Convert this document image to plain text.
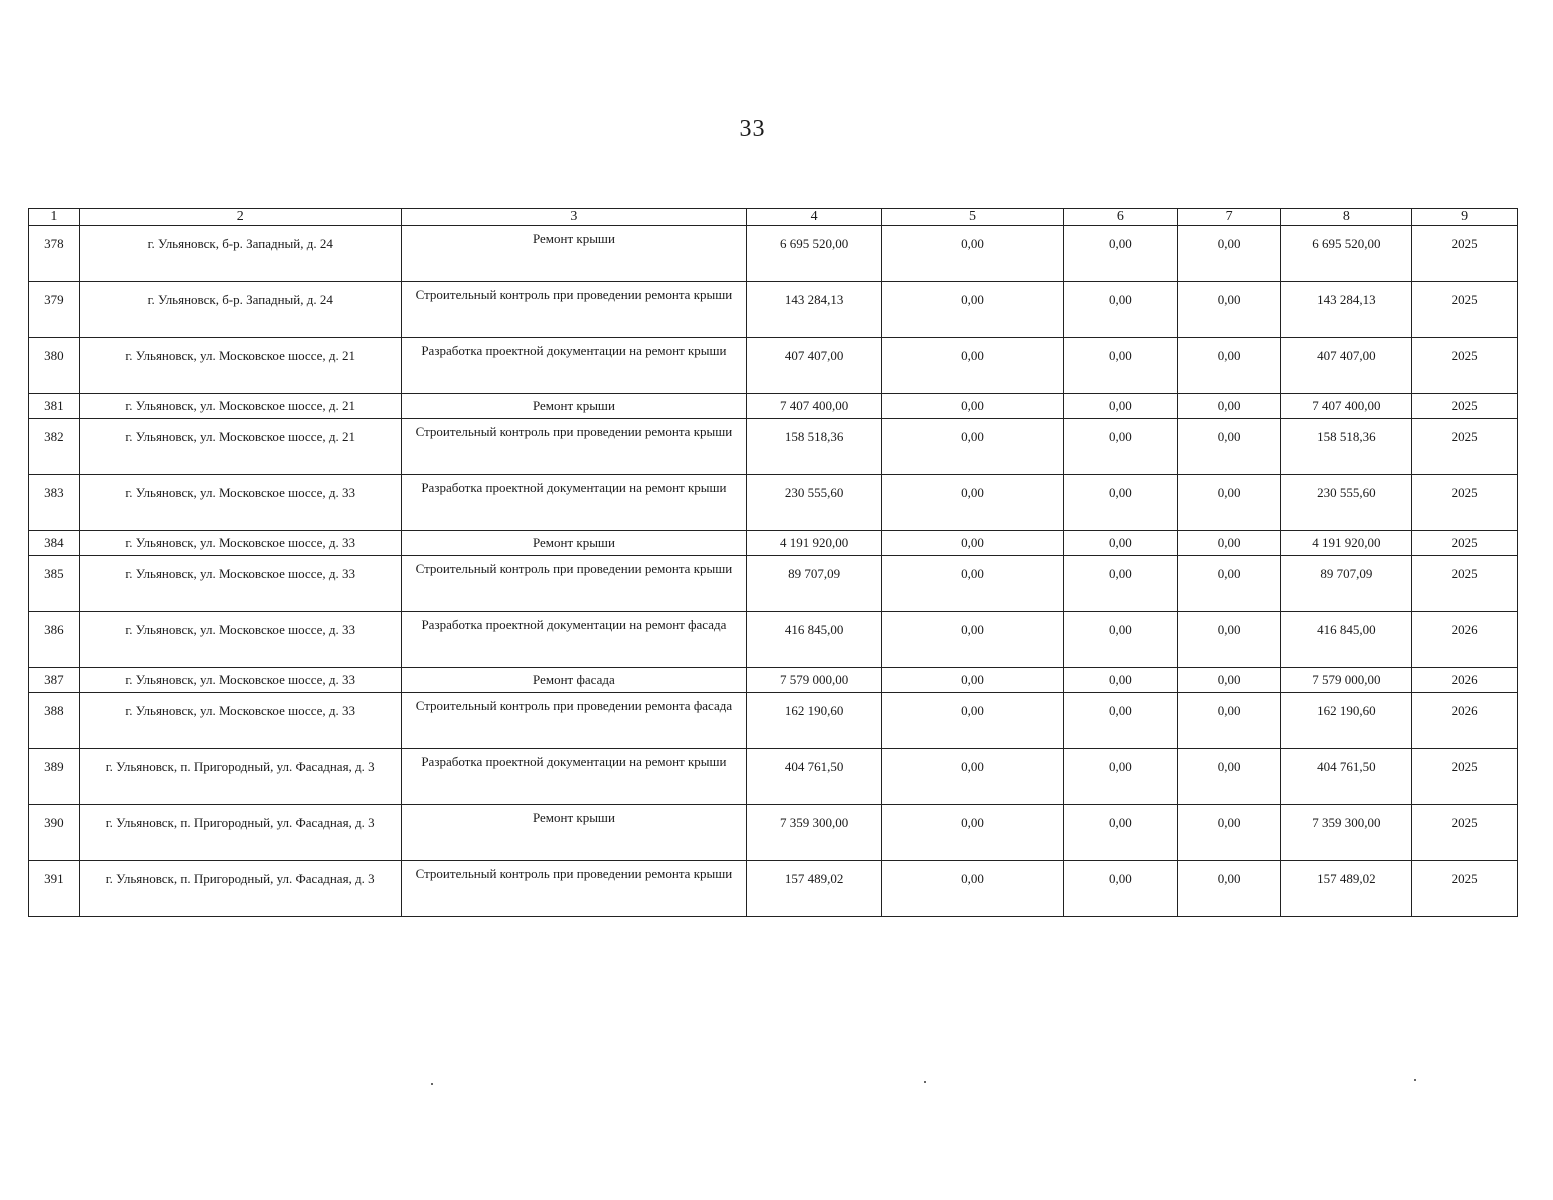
33
1	2	3	4	5	6	7	8	9
378	г. Ульяновск, б-р. Западный, д. 24	Ремонт крыши	6 695 520,00	0,00	0,00	0,00	6 695 520,00	2025
379	г. Ульяновск, б-р. Западный, д. 24	Строительный контроль при проведении ремонта крыши	143 284,13	0,00	0,00	0,00	143 284,13	2025
380	г. Ульяновск, ул. Московское шоссе, д. 21	Разработка проектной документации на ремонт крыши	407 407,00	0,00	0,00	0,00	407 407,00	2025
381	г. Ульяновск, ул. Московское шоссе, д. 21	Ремонт крыши	7 407 400,00	0,00	0,00	0,00	7 407 400,00	2025
382	г. Ульяновск, ул. Московское шоссе, д. 21	Строительный контроль при проведении ремонта крыши	158 518,36	0,00	0,00	0,00	158 518,36	2025
383	г. Ульяновск, ул. Московское шоссе, д. 33	Разработка проектной документации на ремонт крыши	230 555,60	0,00	0,00	0,00	230 555,60	2025
384	г. Ульяновск, ул. Московское шоссе, д. 33	Ремонт крыши	4 191 920,00	0,00	0,00	0,00	4 191 920,00	2025
385	г. Ульяновск, ул. Московское шоссе, д. 33	Строительный контроль при проведении ремонта крыши	89 707,09	0,00	0,00	0,00	89 707,09	2025
386	г. Ульяновск, ул. Московское шоссе, д. 33	Разработка проектной документации на ремонт фасада	416 845,00	0,00	0,00	0,00	416 845,00	2026
387	г. Ульяновск, ул. Московское шоссе, д. 33	Ремонт фасада	7 579 000,00	0,00	0,00	0,00	7 579 000,00	2026
388	г. Ульяновск, ул. Московское шоссе, д. 33	Строительный контроль при проведении ремонта фасада	162 190,60	0,00	0,00	0,00	162 190,60	2026
389	г. Ульяновск, п. Пригородный, ул. Фасадная, д. 3	Разработка проектной документации на ремонт крыши	404 761,50	0,00	0,00	0,00	404 761,50	2025
390	г. Ульяновск, п. Пригородный, ул. Фасадная, д. 3	Ремонт крыши	7 359 300,00	0,00	0,00	0,00	7 359 300,00	2025
391	г. Ульяновск, п. Пригородный, ул. Фасадная, д. 3	Строительный контроль при проведении ремонта крыши	157 489,02	0,00	0,00	0,00	157 489,02	2025
